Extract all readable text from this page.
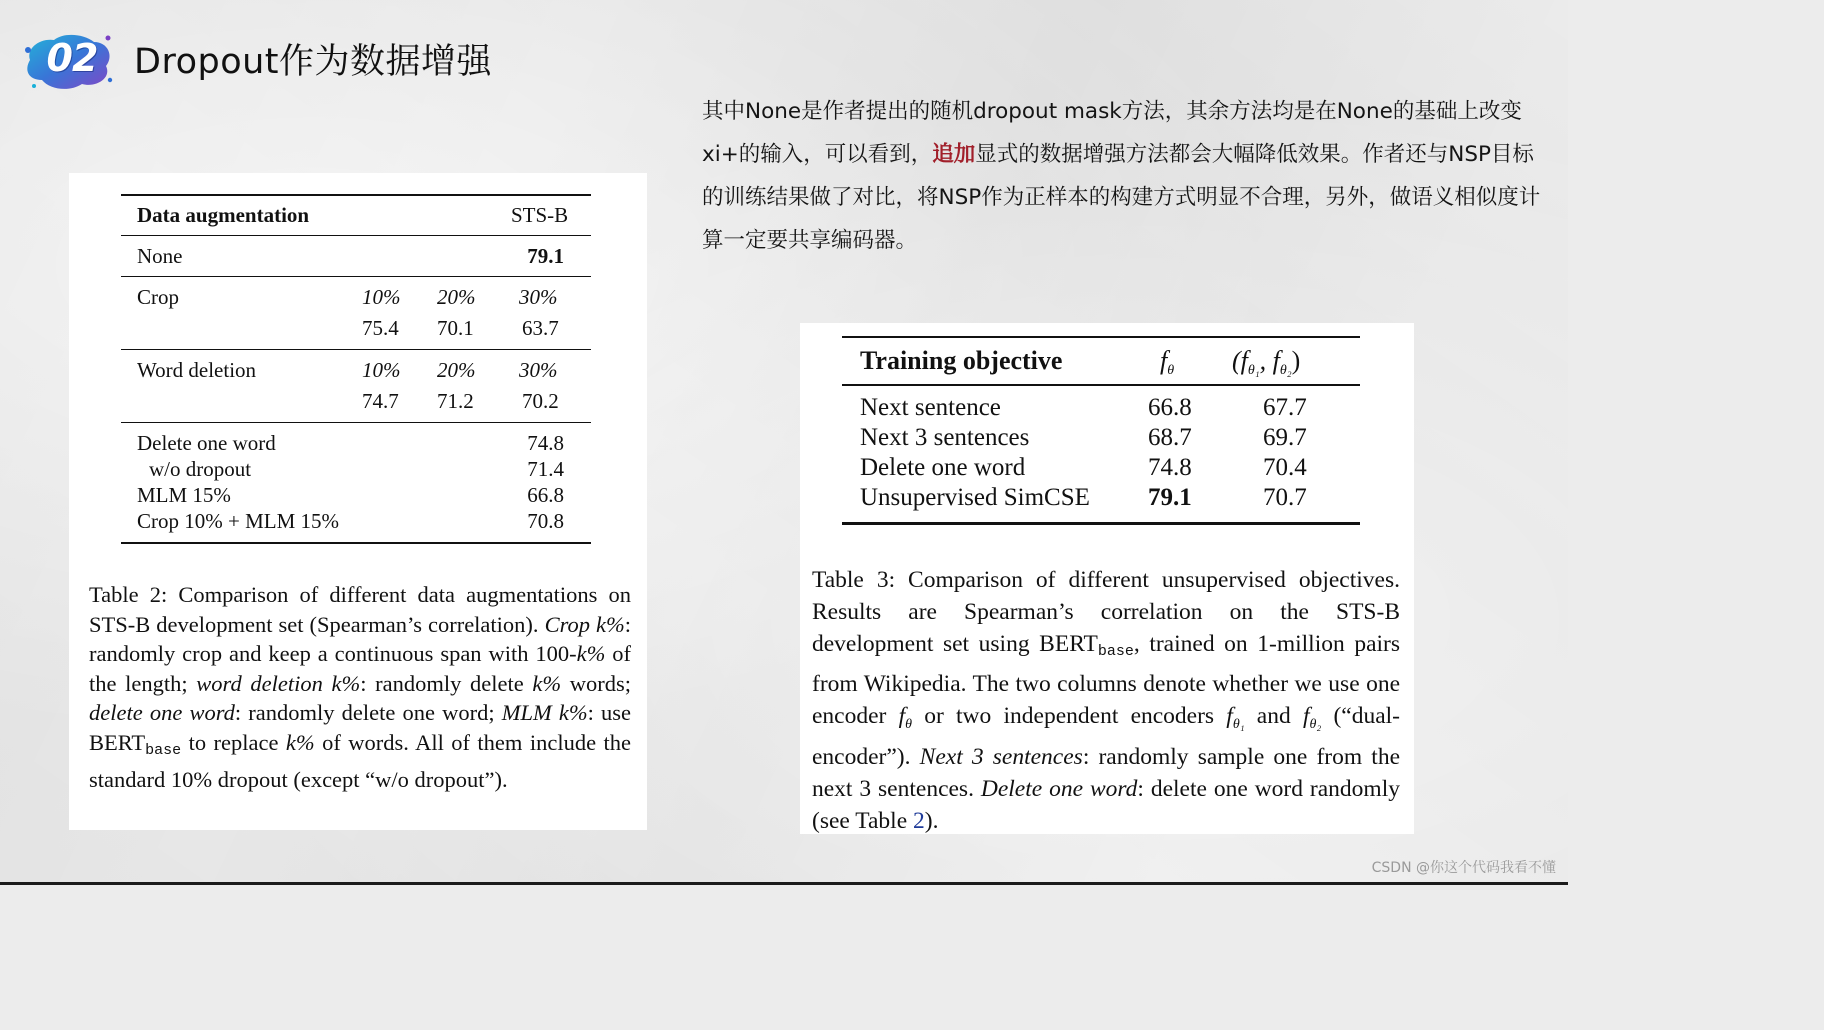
02 Dropout作为数据增强
其中None是作者提出的随机dropout mask方法，其余方法均是在None的基础上改变xi+的输入，可以看到，追加显式的数据增强方法都会大幅降低效果。作者还与NSP目标的训练结果做了对比，将NSP作为正样本的构建方式明显不合理，另外，做语义相似度计算一定要共享编码器。
Data augmentation	STS-B
None	79.1
Crop	10% 20% 30%
75.4 70.1 63.7
Word deletion	10% 20% 30%
74.7 71.2 70.2
Delete one word	74.8
w/o dropout	71.4
MLM 15%	66.8
Crop 10% + MLM 15%	70.8
Table 2: Comparison of different data augmentations on STS-B development set (Spearman’s correlation). Crop k%: randomly crop and keep a continuous span with 100-k% of the length; word deletion k%: randomly delete k% words; delete one word: randomly delete one word; MLM k%: use BERTbase to replace k% of words. All of them include the standard 10% dropout (except “w/o dropout”).
Training objective	$f_\theta$ ($f_{\theta_1}$, $f_{\theta_2}$)
Next sentence	66.8	67.7
Next 3 sentences	68.7	69.7
Delete one word	74.8	70.4
Unsupervised SimCSE 79.1	70.7
Table 3: Comparison of different unsupervised objectives. Results are Spearman’s correlation on the STS-B development set using BERTbase, trained on 1-million pairs from Wikipedia. The two columns denote whether we use one encoder $f_\theta$ or two independent encoders $f_{\theta_1}$ and $f_{\theta_2}$ (“dual-encoder”). Next 3 sentences: randomly sample one from the next 3 sentences. Delete one word: delete one word randomly (see Table 2).
CSDN @你这个代码我看不懂
